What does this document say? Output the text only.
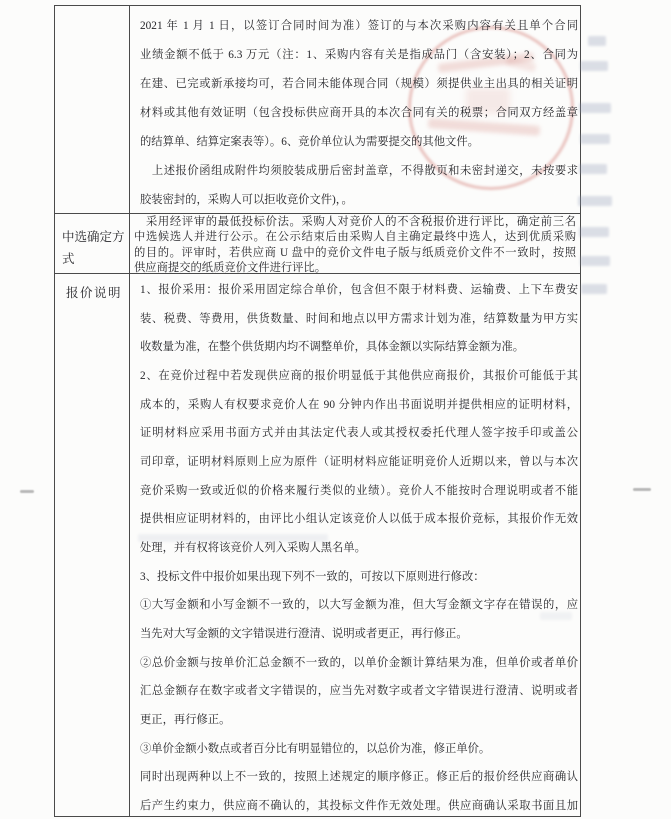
2021 年 1 月 1 日，以签订合同时间为准）签订的与本次采购内容有关且单个合同
业绩金额不低于 6.3 万元（注：1、采购内容有关是指成品门（含安装）；2、合同为
在建、已完或新承接均可，若合同未能体现合同（规模）须提供业主出具的相关证明
材料或其他有效证明（包含投标供应商开具的本次合同有关的税票；合同双方经盖章
的结算单、结算定案表等）。6、竞价单位认为需要提交的其他文件。
　上述报价函组成附件均须胶装成册后密封盖章，不得散页和未密封递交，未按要求
胶装密封的，采购人可以拒收竞价文件)，。
中选确定方式
　采用经评审的最低投标价法。采购人对竞价人的不含税报价进行评比，确定前三名
中选候选人并进行公示。在公示结束后由采购人自主确定最终中选人，达到优质采购
的目的。评审时，若供应商 U 盘中的竞价文件电子版与纸质竞价文件不一致时，按照
供应商提交的纸质竞价文件进行评比。
报价说明	1、报价采用：报价采用固定综合单价，包含但不限于材料费、运输费、上下车费安
装、税费、等费用，供货数量、时间和地点以甲方需求计划为准，结算数量为甲方实
收数量为准，在整个供货期内均不调整单价，具体金额以实际结算金额为准。
2、在竞价过程中若发现供应商的报价明显低于其他供应商报价，其报价可能低于其
成本的，采购人有权要求竞价人在 90 分钟内作出书面说明并提供相应的证明材料，
证明材料应采用书面方式并由其法定代表人或其授权委托代理人签字按手印或盖公
司印章，证明材料原则上应为原件（证明材料应能证明竞价人近期以来，曾以与本次
竞价采购一致或近似的价格来履行类似的业绩）。竞价人不能按时合理说明或者不能
提供相应证明材料的，由评比小组认定该竞价人以低于成本报价竞标，其报价作无效
处理，并有权将该竞价人列入采购人黑名单。
3、投标文件中报价如果出现下列不一致的，可按以下原则进行修改：
①大写金额和小写金额不一致的，以大写金额为准，但大写金额文字存在错误的，应
当先对大写金额的文字错误进行澄清、说明或者更正，再行修正。
②总价金额与按单价汇总金额不一致的，以单价金额计算结果为准，但单价或者单价
汇总金额存在数字或者文字错误的，应当先对数字或者文字错误进行澄清、说明或者
更正，再行修正。
③单价金额小数点或者百分比有明显错位的，以总价为准，修正单价。
同时出现两种以上不一致的，按照上述规定的顺序修正。修正后的报价经供应商确认
后产生约束力，供应商不确认的，其投标文件作无效处理。供应商确认采取书面且加
